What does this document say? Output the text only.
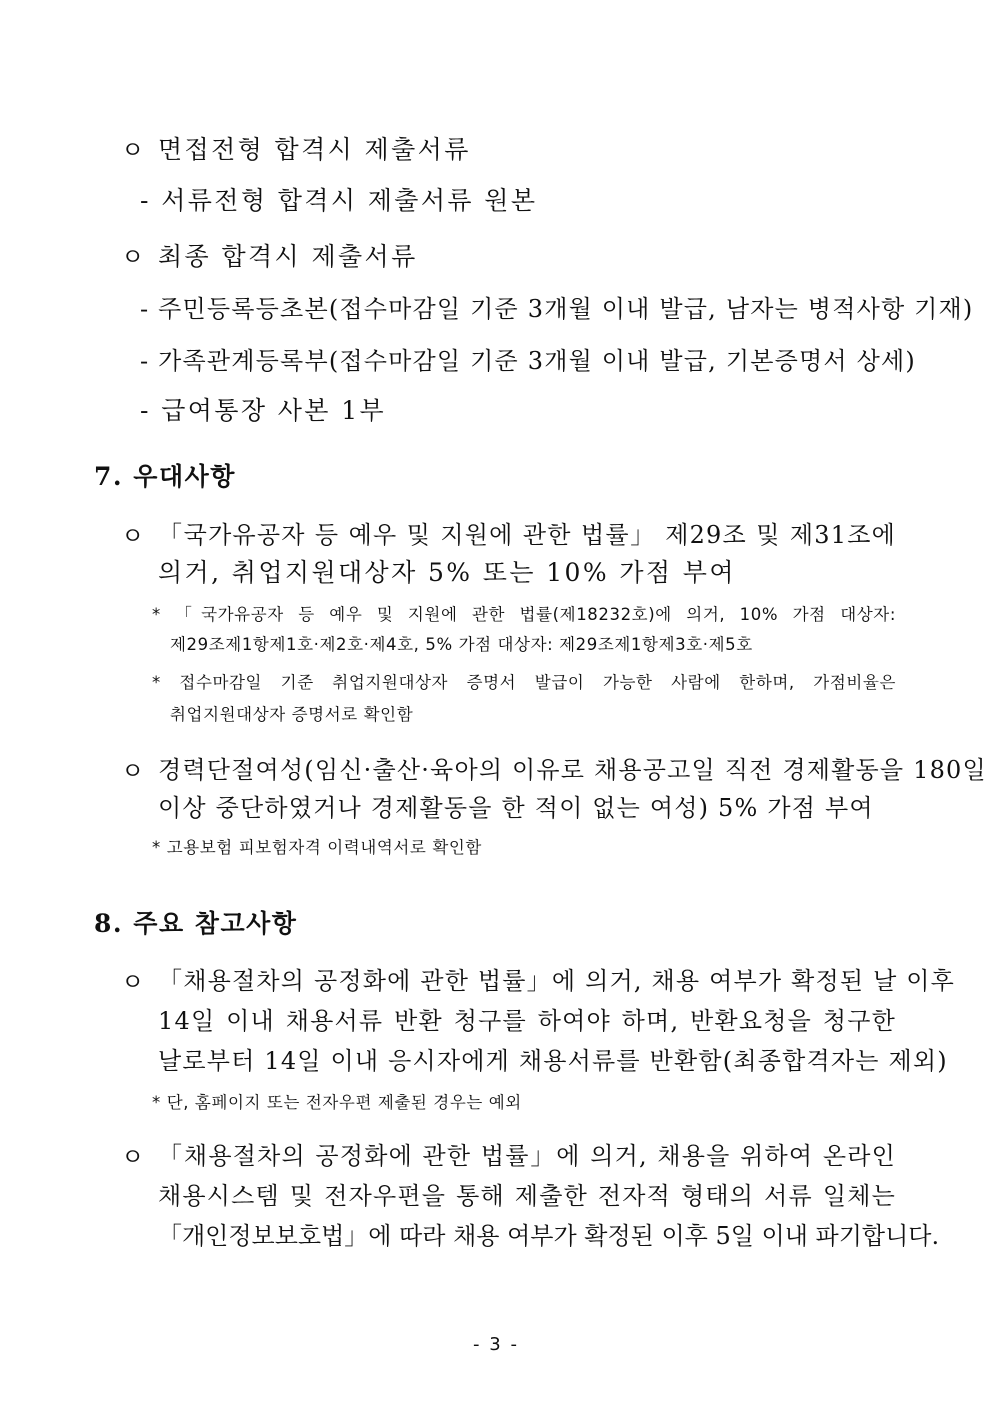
ㅇ 면접전형 합격시 제출서류
- 서류전형 합격시 제출서류 원본
ㅇ 최종 합격시 제출서류
- 주민등록등초본(접수마감일 기준 3개월 이내 발급, 남자는 병적사항 기재)
- 가족관계등록부(접수마감일 기준 3개월 이내 발급, 기본증명서 상세)
- 급여통장 사본 1부
7. 우대사항
ㅇ 「국가유공자 등 예우 및 지원에 관한 법률」 제29조 및 제31조에
의거, 취업지원대상자 5% 또는 10% 가점 부여
* 「국가유공자 등 예우 및 지원에 관한 법률(제18232호)에 의거, 10% 가점 대상자:
제29조제1항제1호·제2호·제4호, 5% 가점 대상자: 제29조제1항제3호·제5호
* 접수마감일 기준 취업지원대상자 증명서 발급이 가능한 사람에 한하며, 가점비율은
취업지원대상자 증명서로 확인함
ㅇ 경력단절여성(임신·출산·육아의 이유로 채용공고일 직전 경제활동을 180일
이상 중단하였거나 경제활동을 한 적이 없는 여성) 5% 가점 부여
* 고용보험 피보험자격 이력내역서로 확인함
8. 주요 참고사항
ㅇ 「채용절차의 공정화에 관한 법률」에 의거, 채용 여부가 확정된 날 이후
14일 이내 채용서류 반환 청구를 하여야 하며, 반환요청을 청구한
날로부터 14일 이내 응시자에게 채용서류를 반환함(최종합격자는 제외)
* 단, 홈페이지 또는 전자우편 제출된 경우는 예외
ㅇ 「채용절차의 공정화에 관한 법률」에 의거, 채용을 위하여 온라인
채용시스템 및 전자우편을 통해 제출한 전자적 형태의 서류 일체는
「개인정보보호법」에 따라 채용 여부가 확정된 이후 5일 이내 파기합니다.
- 3 -
